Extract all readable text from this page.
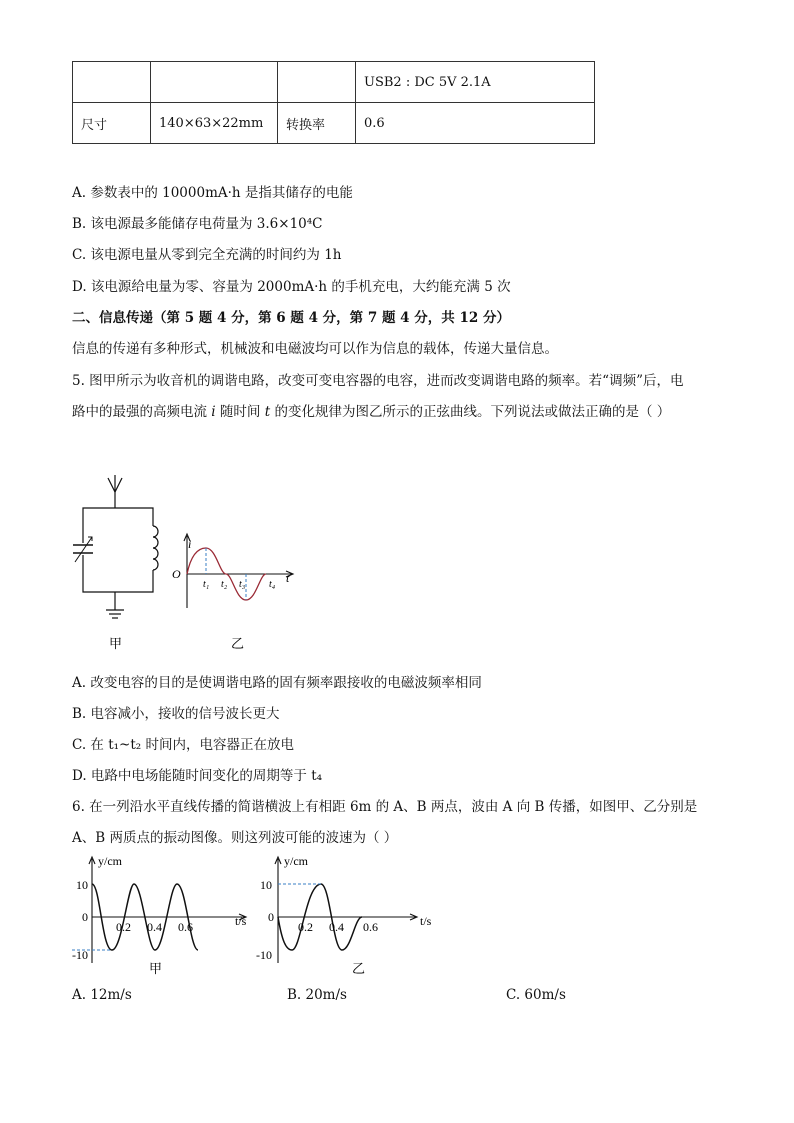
			USB2 : DC 5V 2.1A
尺寸	140×63×22mm	转换率	0.6
A. 参数表中的 10000mA·h 是指其储存的电能
B. 该电源最多能储存电荷量为 3.6×10⁴C
C. 该电源电量从零到完全充满的时间约为 1h
D. 该电源给电量为零、容量为 2000mA·h 的手机充电，大约能充满 5 次
二、信息传递（第 5 题 4 分，第 6 题 4 分，第 7 题 4 分，共 12 分）
信息的传递有多种形式，机械波和电磁波均可以作为信息的载体，传递大量信息。
5. 图甲所示为收音机的调谐电路，改变可变电容器的电容，进而改变调谐电路的频率。若“调频”后，电
路中的最强的高频电流 i 随时间 t 的变化规律为图乙所示的正弦曲线。下列说法或做法正确的是（ ）
甲
i
O	t
t₁ t₂ t₃ t₄
乙
A. 改变电容的目的是使调谐电路的固有频率跟接收的电磁波频率相同
B. 电容减小，接收的信号波长更大
C. 在 t₁~t₂ 时间内，电容器正在放电
D. 电路中电场能随时间变化的周期等于 t₄
6. 在一列沿水平直线传播的简谐横波上有相距 6m 的 A、B 两点，波由 A 向 B 传播，如图甲、乙分别是
A、B 两质点的振动图像。则这列波可能的波速为（ ）
y/cm
t/s
10
0
-10
0.2 0.4 0.6
甲
y/cm
t/s
10
0
-10
0.2 0.4 0.6
乙
A. 12m/s	B. 20m/s	C. 60m/s
